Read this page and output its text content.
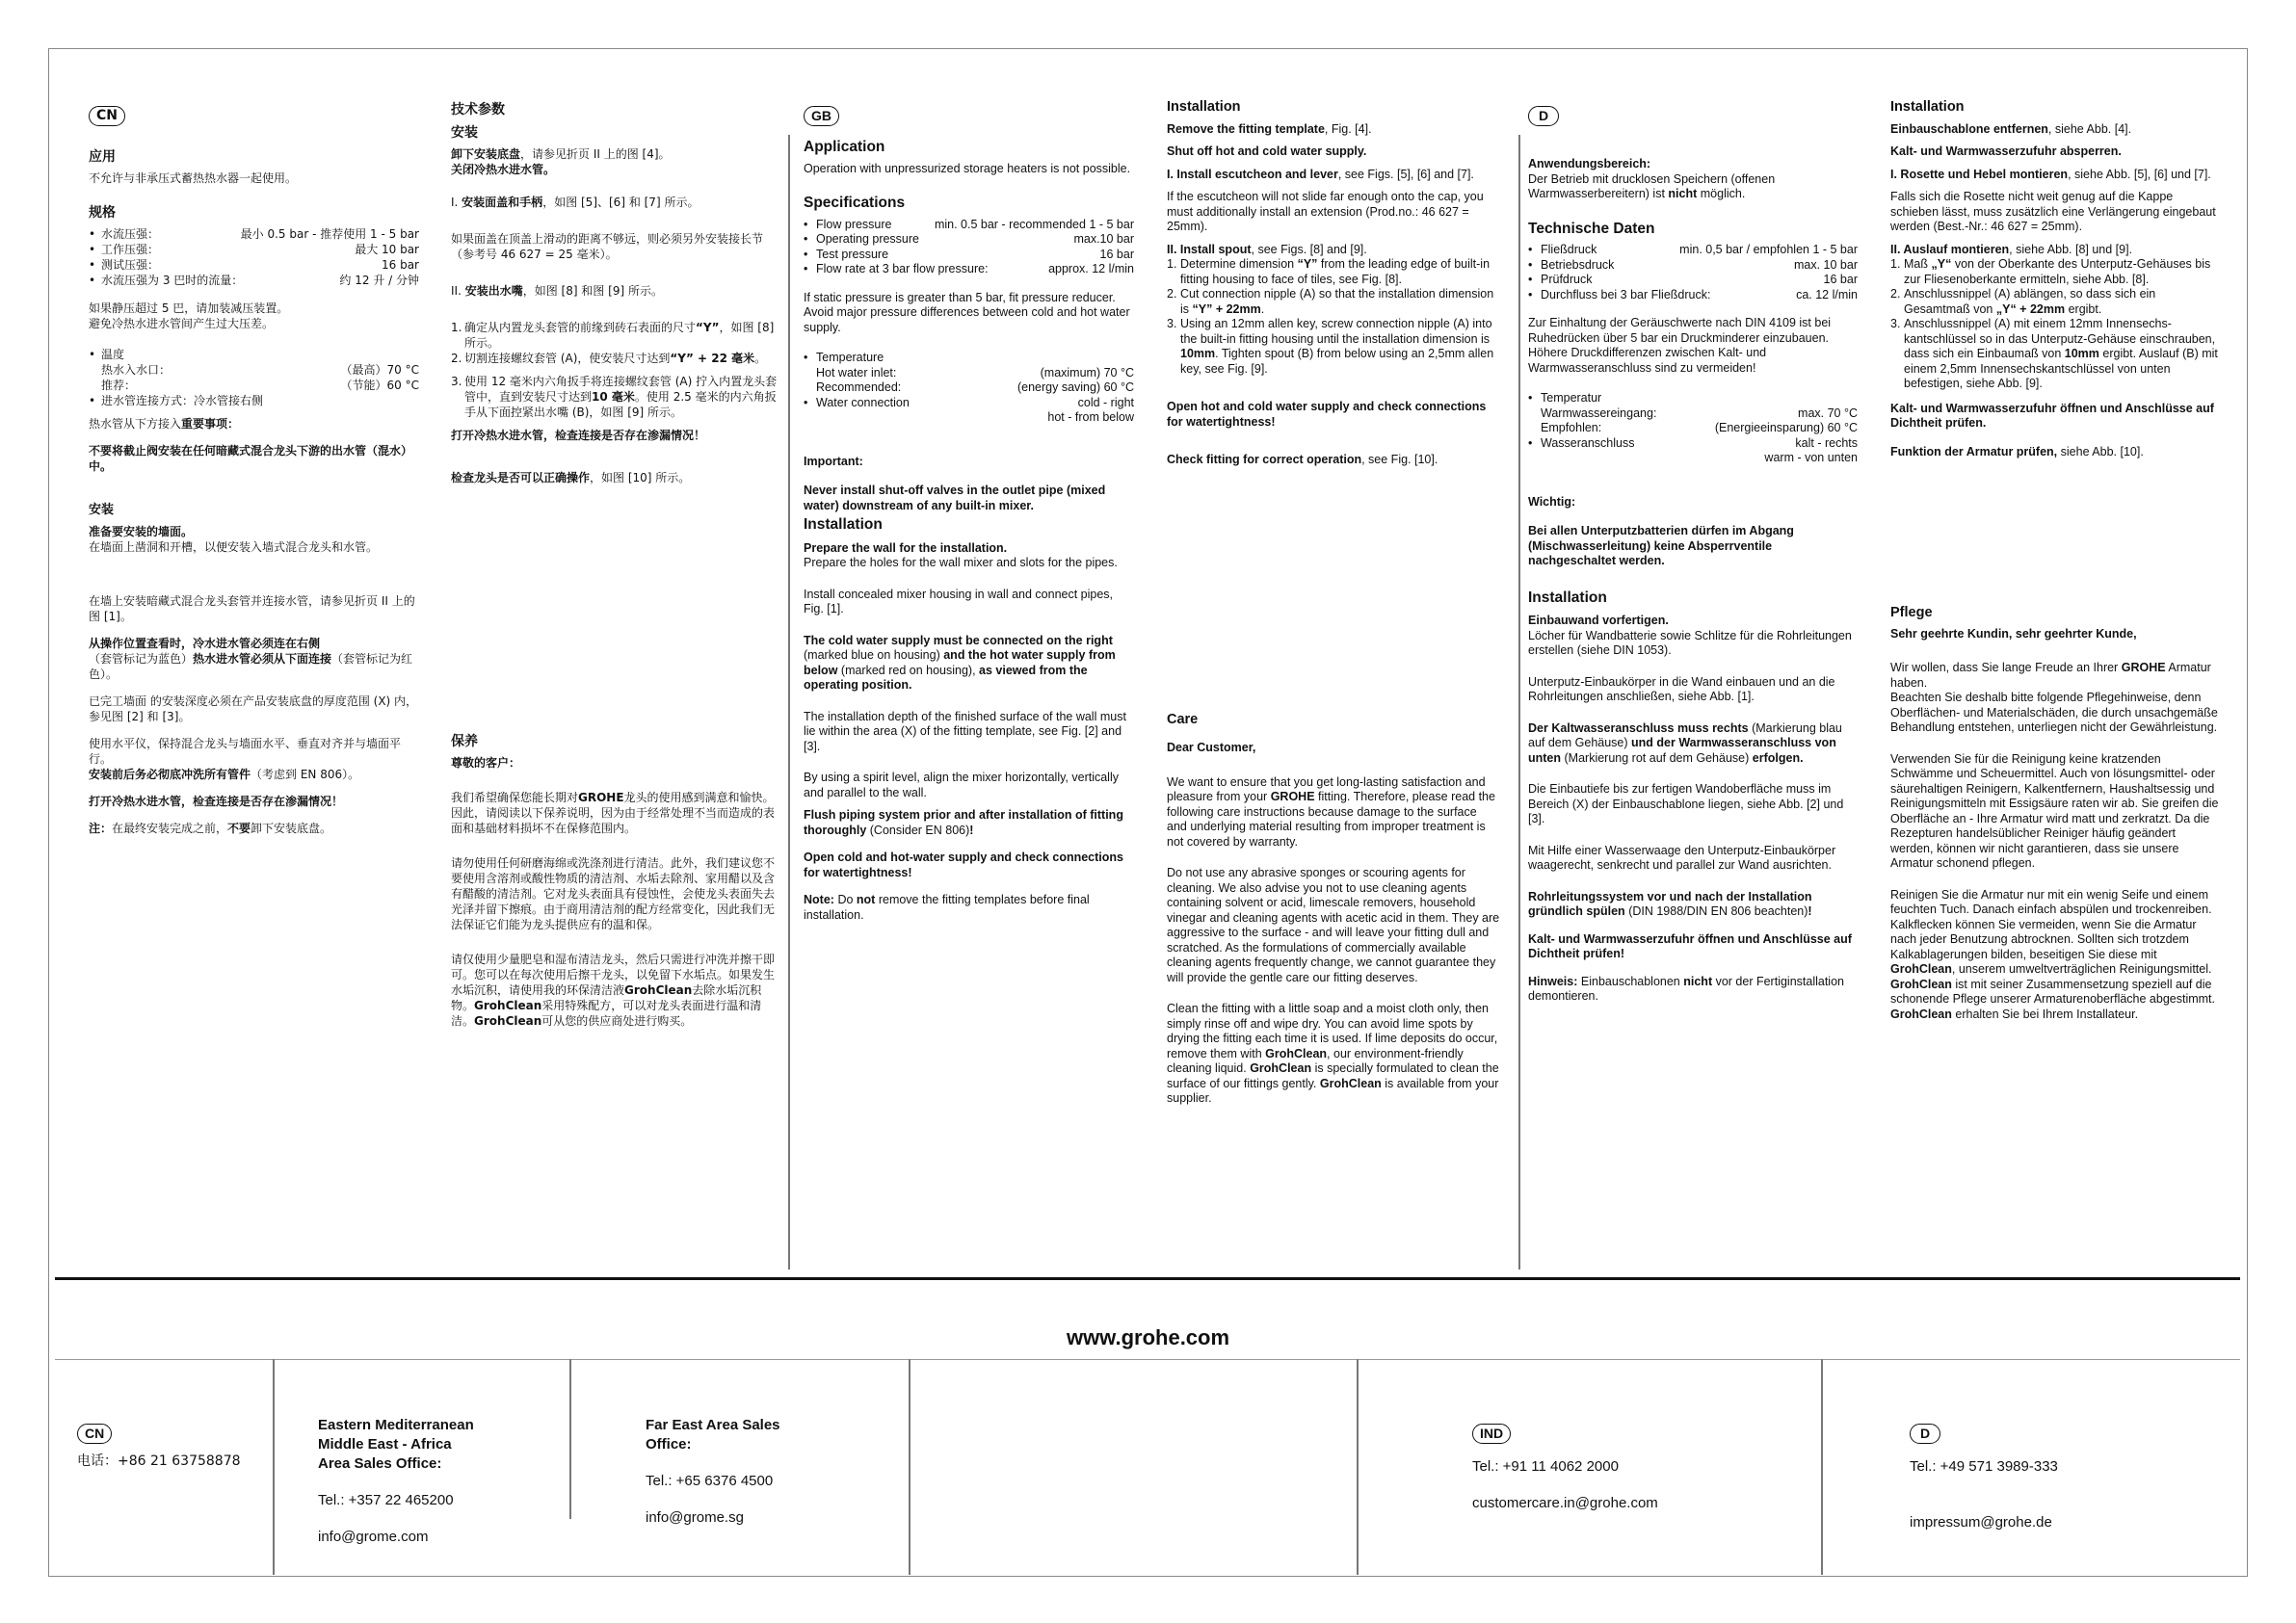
CN

应用

不允许与非承压式蓄热热水器一起使用。

规格

• 水流压强：	最小 0.5 bar - 推荐使用 1 - 5 bar
• 工作压强：	最大 10 bar
• 测试压强：	16 bar
• 水流压强为 3 巴时的流量：	约 12 升 / 分钟

如果静压超过 5 巴，请加装减压装置。

避免冷热水进水管间产生过大压差。

• 温度
热水入水口：	（最高）70 °C
推荐：	（节能）60 °C
• 进水管连接方式：冷水管接右侧

热水管从下方接入重要事项：

不要将截止阀安装在任何暗藏式混合龙头下游的出水管（混水）中。

安装

准备要安装的墙面。

在墙面上凿洞和开槽，以便安装入墙式混合龙头和水管。

在墙上安装暗藏式混合龙头套管并连接水管，请参见折页 II 上的图 [1]。

从操作位置查看时，冷水进水管必须连在右侧（套管标记为蓝色）热水进水管必须从下面连接（套管标记为红色）。

已完工墙面 的安装深度必须在产品安装底盘的厚度范围 (X) 内，参见图 [2] 和 [3]。

使用水平仪，保持混合龙头与墙面水平、垂直对齐并与墙面平行。

安装前后务必彻底冲洗所有管件（考虑到 EN 806）。

打开冷热水进水管，检查连接是否存在渗漏情况！

注：在最终安装完成之前，不要卸下安装底盘。

技术参数

安装

卸下安装底盘，请参见折页 II 上的图 [4]。

关闭冷热水进水管。

I. 安装面盖和手柄，如图 [5]、[6] 和 [7] 所示。

如果面盖在顶盖上滑动的距离不够远，则必须另外安装接长节（参考号 46 627 = 25 毫米）。

II. 安装出水嘴，如图 [8] 和图 [9] 所示。

1. 确定从内置龙头套管的前缘到砖石表面的尺寸“Y”，如图 [8] 所示。
2. 切割连接螺纹套管 (A)，使安装尺寸达到“Y” + 22 毫米。
3. 使用 12 毫米内六角扳手将连接螺纹套管 (A) 拧入内置龙头套管中，直到安装尺寸达到10 毫米。使用 2.5 毫米的内六角扳手从下面控紧出水嘴 (B)，如图 [9] 所示。

打开冷热水进水管，检查连接是否存在渗漏情况！

检查龙头是否可以正确操作，如图 [10] 所示。

保养

尊敬的客户：

我们希望确保您能长期对GROHE龙头的使用感到满意和愉快。因此，请阅读以下保养说明，因为由于经常处理不当而造成的表面和基础材料损坏不在保修范围内。

请勿使用任何研磨海绵或洗涤剂进行清洁。此外，我们建议您不要使用含溶剂或酸性物质的清洁剂、水垢去除剂、家用醋以及含有醋酸的清洁剂。它对龙头表面具有侵蚀性，会使龙头表面失去光泽并留下擦痕。由于商用清洁剂的配方经常变化，因此我们无法保证它们能为龙头提供应有的温和保。

请仅使用少量肥皂和湿布清洁龙头，然后只需进行冲洗并擦干即可。您可以在每次使用后擦干龙头，以免留下水垢点。如果发生水垢沉积，请使用我的环保清洁液GrohClean去除水垢沉积物。GrohClean采用特殊配方，可以对龙头表面进行温和清洁。GrohClean可从您的供应商处进行购买。

GB

Application

Operation with unpressurized storage heaters is not possible.

Specifications

• Flow pressure	min. 0.5 bar - recommended 1 - 5 bar
• Operating pressure	max.10 bar
• Test pressure	16 bar
• Flow rate at 3 bar flow pressure:	approx. 12 l/min

If static pressure is greater than 5 bar, fit pressure reducer.

Avoid major pressure differences between cold and hot water supply.

• Temperature
Hot water inlet:	(maximum) 70 °C
Recommended:	(energy saving) 60 °C
• Water connection	cold - right
hot - from below

Important:

Never install shut-off valves in the outlet pipe (mixed water) downstream of any built-in mixer.

Installation

Prepare the wall for the installation.

Prepare the holes for the wall mixer and slots for the pipes.

Install concealed mixer housing in wall and connect pipes, Fig. [1].

The cold water supply must be connected on the right (marked blue on housing) and the hot water supply from below (marked red on housing), as viewed from the operating position.

The installation depth of the finished surface of the wall must lie within the area (X) of the fitting template, see Fig. [2] and [3].

By using a spirit level, align the mixer horizontally, vertically and parallel to the wall.

Flush piping system prior and after installation of fitting thoroughly (Consider EN 806)!

Open cold and hot-water supply and check connections for watertightness!

Note: Do not remove the fitting templates before final installation.

Installation

Remove the fitting template, Fig. [4].

Shut off hot and cold water supply.

I. Install escutcheon and lever, see Figs. [5], [6] and [7].

If the escutcheon will not slide far enough onto the cap, you must additionally install an extension (Prod.no.: 46 627 = 25mm).

II. Install spout, see Figs. [8] and [9].

1. Determine dimension “Y” from the leading edge of built-in fitting housing to face of tiles, see Fig. [8].
2. Cut connection nipple (A) so that the installation dimension is “Y” + 22mm.
3. Using an 12mm allen key, screw connection nipple (A) into the built-in fitting housing until the installation dimension is 10mm. Tighten spout (B) from below using an 2,5mm allen key, see Fig. [9].

Open hot and cold water supply and check connections for watertightness!

Check fitting for correct operation, see Fig. [10].

Care

Dear Customer,

We want to ensure that you get long-lasting satisfaction and pleasure from your GROHE fitting. Therefore, please read the following care instructions because damage to the surface and underlying material resulting from improper treatment is not covered by warranty.

Do not use any abrasive sponges or scouring agents for cleaning. We also advise you not to use cleaning agents containing solvent or acid, limescale removers, household vinegar and cleaning agents with acetic acid in them. They are aggressive to the surface - and will leave your fitting dull and scratched. As the formulations of commercially available cleaning agents frequently change, we cannot guarantee they will provide the gentle care our fitting deserves.

Clean the fitting with a little soap and a moist cloth only, then simply rinse off and wipe dry. You can avoid lime spots by drying the fitting each time it is used. If lime deposits do occur, remove them with GrohClean, our environment-friendly cleaning liquid. GrohClean is specially formulated to clean the surface of our fittings gently. GrohClean is available from your supplier.

D

Anwendungsbereich:

Der Betrieb mit drucklosen Speichern (offenen Warmwasserbereitern) ist nicht möglich.

Technische Daten

• Fließdruck	min. 0,5 bar / empfohlen 1 - 5 bar
• Betriebsdruck	max. 10 bar
• Prüfdruck	16 bar
• Durchfluss bei 3 bar Fließdruck:	ca. 12 l/min

Zur Einhaltung der Geräuschwerte nach DIN 4109 ist bei Ruhedrücken über 5 bar ein Druckminderer einzubauen.

Höhere Druckdifferenzen zwischen Kalt- und Warmwasseranschluss sind zu vermeiden!

• Temperatur
Warmwassereingang:	max. 70 °C
Empfohlen:	(Energieeinsparung) 60 °C
• Wasseranschluss	kalt - rechts
warm - von unten

Wichtig:

Bei allen Unterputzbatterien dürfen im Abgang (Mischwasserleitung) keine Absperrventile nachgeschaltet werden.

Installation

Einbauwand vorfertigen.

Löcher für Wandbatterie sowie Schlitze für die Rohrleitungen erstellen (siehe DIN 1053).

Unterputz-Einbaukörper in die Wand einbauen und an die Rohrleitungen anschließen, siehe Abb. [1].

Der Kaltwasseranschluss muss rechts (Markierung blau auf dem Gehäuse) und der Warmwasseranschluss von unten (Markierung rot auf dem Gehäuse) erfolgen.

Die Einbautiefe bis zur fertigen Wandoberfläche muss im Bereich (X) der Einbauschablone liegen, siehe Abb. [2] und [3].

Mit Hilfe einer Wasserwaage den Unterputz-Einbaukörper waagerecht, senkrecht und parallel zur Wand ausrichten.

Rohrleitungssystem vor und nach der Installation gründlich spülen (DIN 1988/DIN EN 806 beachten)!

Kalt- und Warmwasserzufuhr öffnen und Anschlüsse auf Dichtheit prüfen!

Hinweis: Einbauschablonen nicht vor der Fertiginstallation demontieren.

Installation

Einbauschablone entfernen, siehe Abb. [4].

Kalt- und Warmwasserzufuhr absperren.

I. Rosette und Hebel montieren, siehe Abb. [5], [6] und [7].

Falls sich die Rosette nicht weit genug auf die Kappe schieben lässt, muss zusätzlich eine Verlängerung eingebaut werden (Best.-Nr.: 46 627 = 25mm).

II. Auslauf montieren, siehe Abb. [8] und [9].

1. Maß „Y“ von der Oberkante des Unterputz-Gehäuses bis zur Fliesenoberkante ermitteln, siehe Abb. [8].
2. Anschlussnippel (A) ablängen, so dass sich ein Gesamtmaß von „Y“ + 22mm ergibt.
3. Anschlussnippel (A) mit einem 12mm Innensechs-kantschlüssel so in das Unterputz-Gehäuse einschrauben, dass sich ein Einbaumaß von 10mm ergibt. Auslauf (B) mit
einem 2,5mm Innensechskantschlüssel von unten befestigen, siehe Abb. [9].

Kalt- und Warmwasserzufuhr öffnen und Anschlüsse auf Dichtheit prüfen.

Funktion der Armatur prüfen, siehe Abb. [10].

Pflege

Sehr geehrte Kundin, sehr geehrter Kunde,

Wir wollen, dass Sie lange Freude an Ihrer GROHE Armatur haben.

Beachten Sie deshalb bitte folgende Pflegehinweise, denn Oberflächen- und Materialschäden, die durch unsachgemäße Behandlung entstehen, unterliegen nicht der Gewährleistung.

Verwenden Sie für die Reinigung keine kratzenden Schwämme und Scheuermittel. Auch von lösungsmittel- oder säurehaltigen Reinigern, Kalkentfernern, Haushaltsessig und Reinigungsmitteln mit Essigsäure raten wir ab. Sie greifen die Oberfläche an - Ihre Armatur wird matt und zerkratzt. Da die Rezepturen handelsüblicher Reiniger häufig geändert werden, können wir nicht garantieren, dass sie unsere Armatur schonend pflegen.

Reinigen Sie die Armatur nur mit ein wenig Seife und einem feuchten Tuch. Danach einfach abspülen und trockenreiben. Kalkflecken können Sie vermeiden, wenn Sie die Armatur nach jeder Benutzung abtrocknen. Sollten sich trotzdem Kalkablagerungen bilden, beseitigen Sie diese mit GrohClean, unserem umweltverträglichen Reinigungsmittel. GrohClean ist mit seiner Zusammensetzung speziell auf die schonende Pflege unserer Armaturenoberfläche abgestimmt. GrohClean erhalten Sie bei Ihrem Installateur.

www.grohe.com

CN

电话：+86 21 63758878

Eastern Mediterranean

Middle East - Africa

Area Sales Office:

Tel.: +357 22 465200

info@grome.com

Far East Area Sales

Office:

Tel.: +65 6376 4500

info@grome.sg

IND

Tel.: +91 11 4062 2000

customercare.in@grohe.com

D

Tel.: +49 571 3989-333

impressum@grohe.de
